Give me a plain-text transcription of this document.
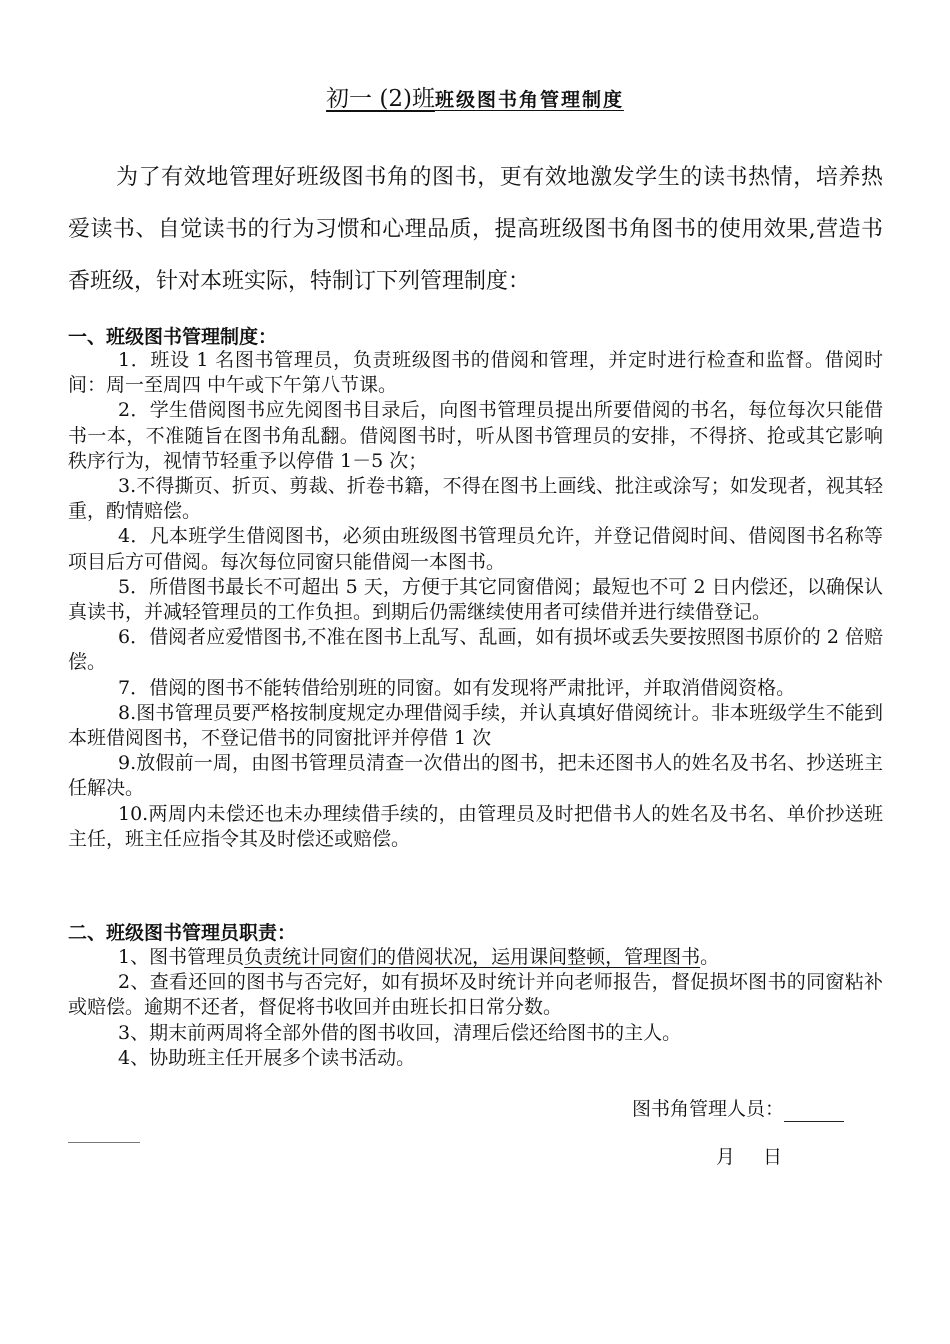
初一 (2)班班级图书角管理制度
为了有效地管理好班级图书角的图书，更有效地激发学生的读书热情，培养热爱读书、自觉读书的行为习惯和心理品质，提高班级图书角图书的使用效果,营造书香班级，针对本班实际，特制订下列管理制度：
一、班级图书管理制度：

1．班设 1 名图书管理员，负责班级图书的借阅和管理，并定时进行检查和监督。借阅时间：周一至周四 中午或下午第八节课。

2．学生借阅图书应先阅图书目录后，向图书管理员提出所要借阅的书名，每位每次只能借书一本，不准随旨在图书角乱翻。借阅图书时，听从图书管理员的安排，不得挤、抢或其它影响秩序行为，视情节轻重予以停借 1－5 次；

3.不得撕页、折页、剪裁、折卷书籍，不得在图书上画线、批注或涂写；如发现者，视其轻重，酌情赔偿。

4．凡本班学生借阅图书，必须由班级图书管理员允许，并登记借阅时间、借阅图书名称等项目后方可借阅。每次每位同窗只能借阅一本图书。

5．所借图书最长不可超出 5 天，方便于其它同窗借阅；最短也不可 2 日内偿还，以确保认真读书，并减轻管理员的工作负担。到期后仍需继续使用者可续借并进行续借登记。

6．借阅者应爱惜图书,不准在图书上乱写、乱画，如有损坏或丢失要按照图书原价的 2 倍赔偿。

7．借阅的图书不能转借给别班的同窗。如有发现将严肃批评，并取消借阅资格。

8.图书管理员要严格按制度规定办理借阅手续，并认真填好借阅统计。非本班级学生不能到本班借阅图书，不登记借书的同窗批评并停借 1 次

9.放假前一周，由图书管理员清查一次借出的图书，把未还图书人的姓名及书名、抄送班主任解决。

10.两周内未偿还也未办理续借手续的，由管理员及时把借书人的姓名及书名、单价抄送班主任，班主任应指令其及时偿还或赔偿。

二、班级图书管理员职责：

1、图书管理员负责统计同窗们的借阅状况，运用课间整顿，管理图书。

2、查看还回的图书与否完好，如有损坏及时统计并向老师报告，督促损坏图书的同窗粘补或赔偿。逾期不还者，督促将书收回并由班长扣日常分数。

3、期末前两周将全部外借的图书收回，清理后偿还给图书的主人。

4、协助班主任开展多个读书活动。

图书角管理人员：
月 日
